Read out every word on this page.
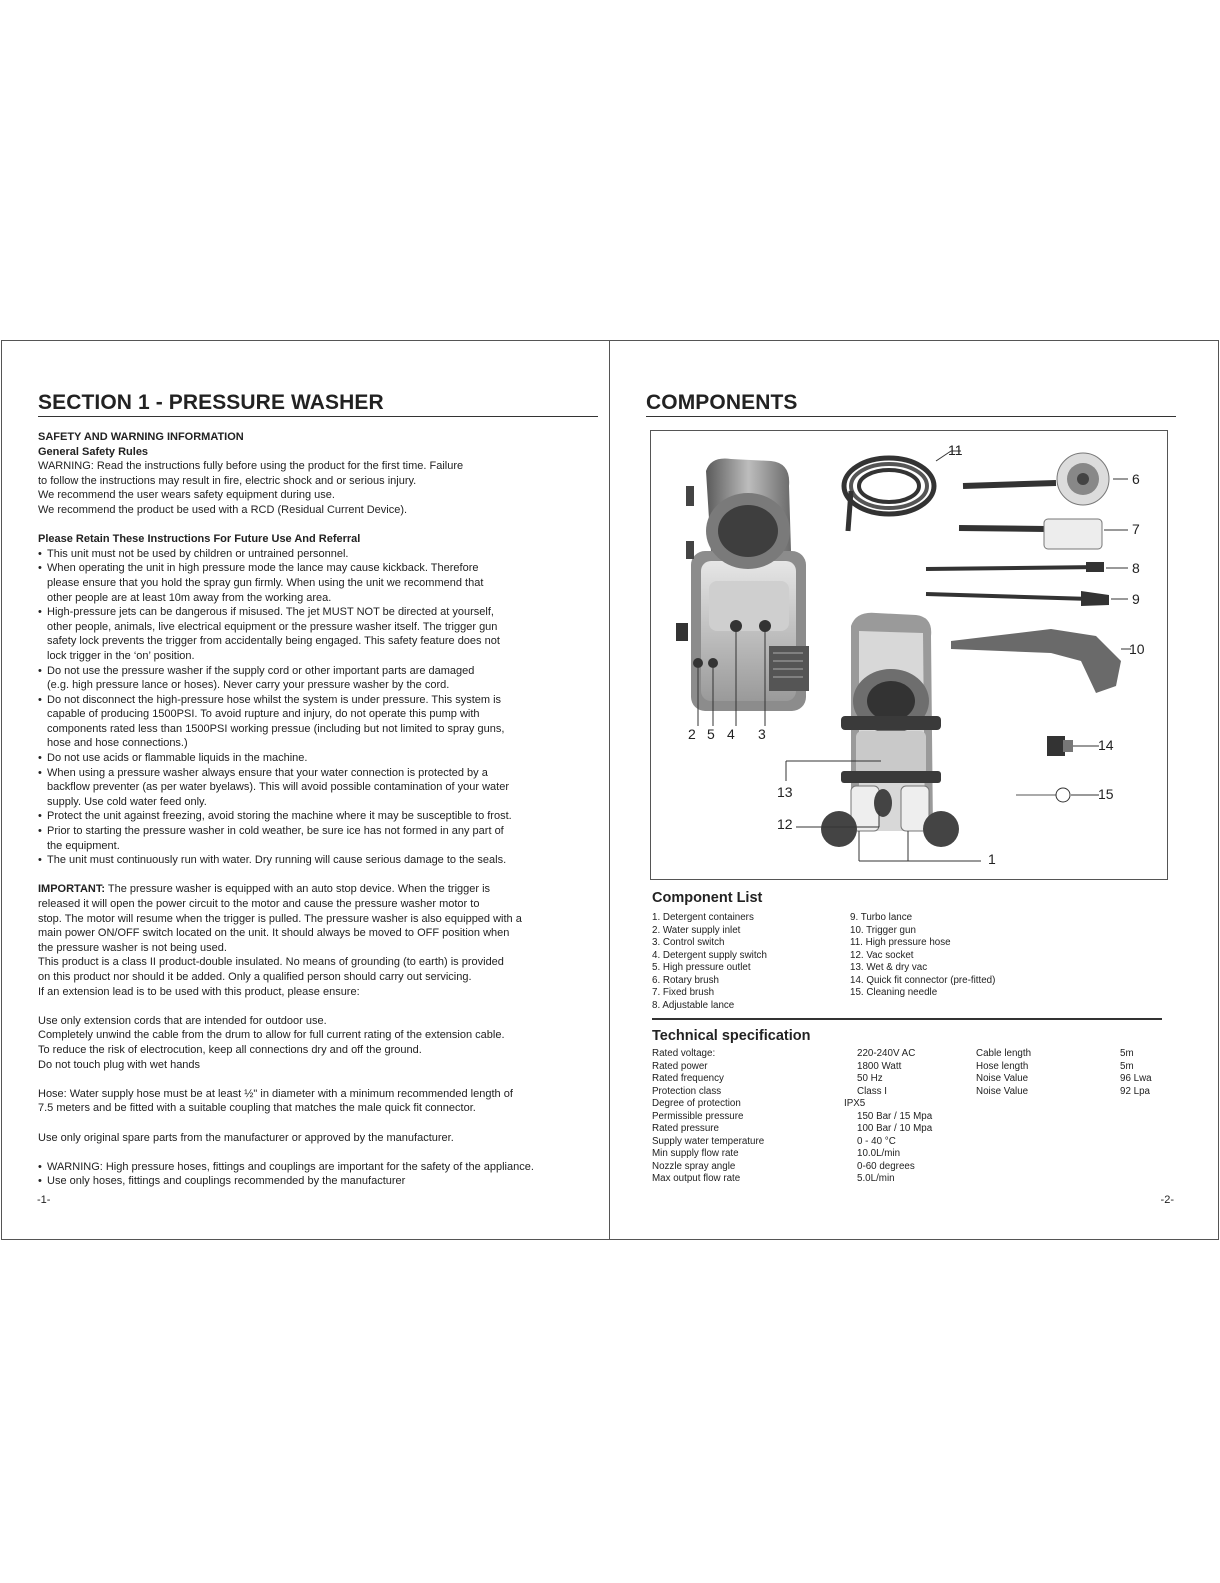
SECTION 1 - PRESSURE WASHER

SAFETY AND WARNING INFORMATION

General Safety Rules

WARNING: Read the instructions fully before using the product for the first time. Failure

to follow the instructions may result in fire, electric shock and or serious injury.

We recommend the user wears safety equipment during use.

We recommend the product be used with a RCD (Residual Current Device).

Please Retain These Instructions For Future Use And Referral

• This unit must not be used by children or untrained personnel.
• When operating the unit in high pressure mode the lance may cause kickback. Therefore
please ensure that you hold the spray gun firmly. When using the unit we recommend that
other people are at least 10m away from the working area.
• High-pressure jets can be dangerous if misused. The jet MUST NOT be directed at yourself,
other people, animals, live electrical equipment or the pressure washer itself. The trigger gun
safety lock prevents the trigger from accidentally being engaged. This safety feature does not
lock trigger in the ‘on’ position.
• Do not use the pressure washer if the supply cord or other important parts are damaged
(e.g. high pressure lance or hoses). Never carry your pressure washer by the cord.
• Do not disconnect the high-pressure hose whilst the system is under pressure. This system is
capable of producing 1500PSI. To avoid rupture and injury, do not operate this pump with
components rated less than 1500PSI working pressue (including but not limited to spray guns,
hose and hose connections.)
• Do not use acids or flammable liquids in the machine.
• When using a pressure washer always ensure that your water connection is protected by a
backflow preventer (as per water byelaws). This will avoid possible contamination of your water
supply. Use cold water feed only.
• Protect the unit against freezing, avoid storing the machine where it may be susceptible to frost.
• Prior to starting the pressure washer in cold weather, be sure ice has not formed in any part of
the equipment.
• The unit must continuously run with water. Dry running will cause serious damage to the seals.

IMPORTANT: The pressure washer is equipped with an auto stop device. When the trigger is

released it will open the power circuit to the motor and cause the pressure washer motor to

stop. The motor will resume when the trigger is pulled. The pressure washer is also equipped with a

main power ON/OFF switch located on the unit. It should always be moved to OFF position when

the pressure washer is not being used.

This product is a class II product-double insulated. No means of grounding (to earth) is provided

on this product nor should it be added. Only a qualified person should carry out servicing.

If an extension lead is to be used with this product, please ensure:

Use only extension cords that are intended for outdoor use.

Completely unwind the cable from the drum to allow for full current rating of the extension cable.

To reduce the risk of electrocution, keep all connections dry and off the ground.

Do not touch plug with wet hands

Hose: Water supply hose must be at least ½" in diameter with a minimum recommended length of

7.5 meters and be fitted with a suitable coupling that matches the male quick fit connector.

Use only original spare parts from the manufacturer or approved by the manufacturer.

• WARNING: High pressure hoses, fittings and couplings are important for the safety of the appliance.
• Use only hoses, fittings and couplings recommended by the manufacturer
-1-
COMPONENTS
11
6
7
8
9
10
2 5 4 3
14
13	15
12
1
Component List
1. Detergent containers
2. Water supply inlet
3. Control switch
4. Detergent supply switch
5. High pressure outlet
6. Rotary brush
7. Fixed brush
8. Adjustable lance
9. Turbo lance
10. Trigger gun
11. High pressure hose
12. Vac socket
13. Wet & dry vac
14. Quick fit connector (pre-fitted)
15. Cleaning needle
Technical specification
Rated voltage:
Rated power
Rated frequency
Protection class
Degree of protection
Permissible pressure
Rated pressure
Supply water temperature
Min supply flow rate
Nozzle spray angle
Max output flow rate
220-240V AC
1800 Watt
50 Hz
Class I
IPX5
150 Bar / 15 Mpa
100 Bar / 10 Mpa
0 - 40 °C
10.0L/min
0-60 degrees
5.0L/min
Cable length
Hose length
Noise Value
Noise Value
5m
5m
96 Lwa
92 Lpa
-2-
